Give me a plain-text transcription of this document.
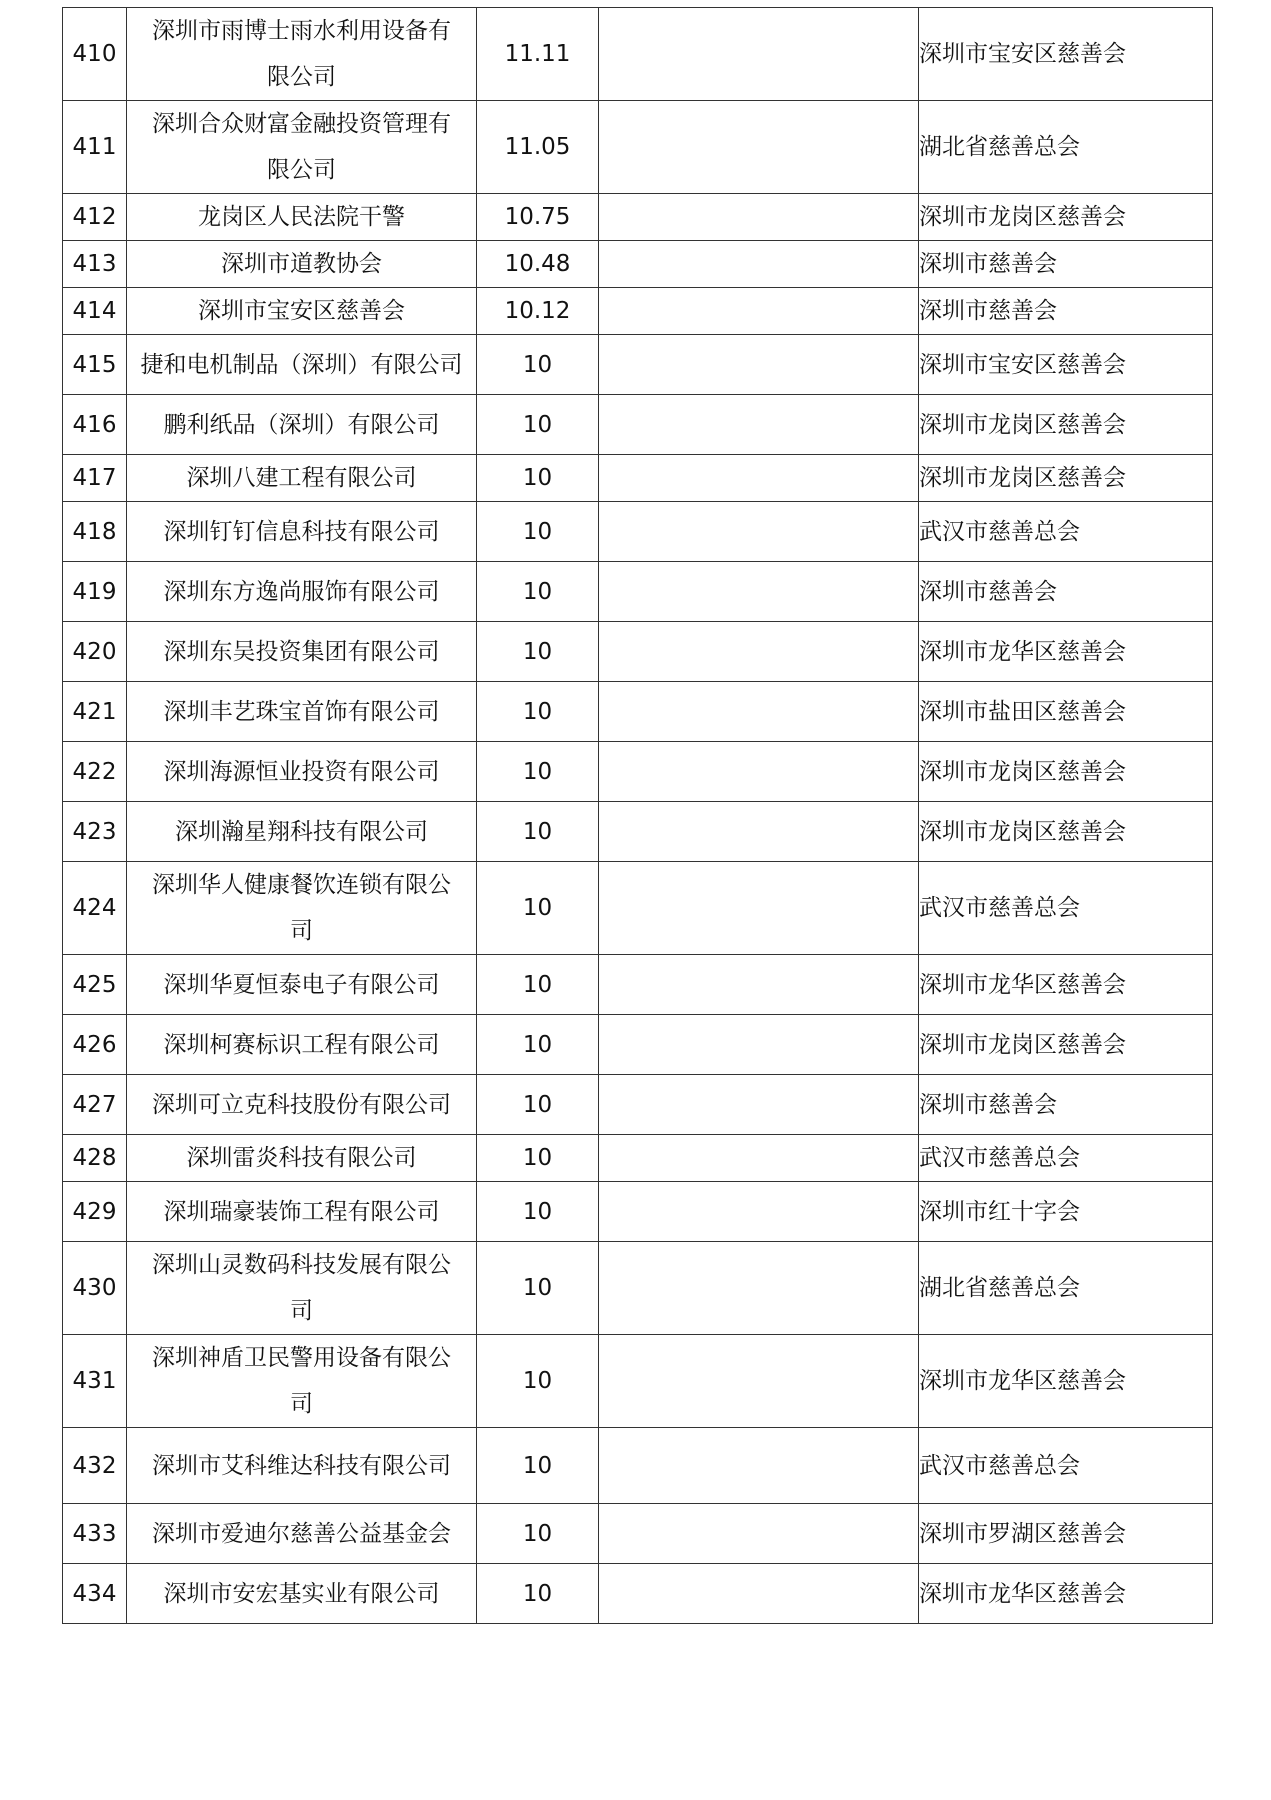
410	深圳市雨博士雨水利用设备有
限公司	11.11		深圳市宝安区慈善会
411	深圳合众财富金融投资管理有
限公司	11.05		湖北省慈善总会
412	龙岗区人民法院干警	10.75		深圳市龙岗区慈善会
413	深圳市道教协会	10.48		深圳市慈善会
414	深圳市宝安区慈善会	10.12		深圳市慈善会
415	捷和电机制品（深圳）有限公司	10		深圳市宝安区慈善会
416	鹏利纸品（深圳）有限公司	10		深圳市龙岗区慈善会
417	深圳八建工程有限公司	10		深圳市龙岗区慈善会
418	深圳钉钉信息科技有限公司	10		武汉市慈善总会
419	深圳东方逸尚服饰有限公司	10		深圳市慈善会
420	深圳东吴投资集团有限公司	10		深圳市龙华区慈善会
421	深圳丰艺珠宝首饰有限公司	10		深圳市盐田区慈善会
422	深圳海源恒业投资有限公司	10		深圳市龙岗区慈善会
423	深圳瀚星翔科技有限公司	10		深圳市龙岗区慈善会
424	深圳华人健康餐饮连锁有限公
司	10		武汉市慈善总会
425	深圳华夏恒泰电子有限公司	10		深圳市龙华区慈善会
426	深圳柯赛标识工程有限公司	10		深圳市龙岗区慈善会
427	深圳可立克科技股份有限公司	10		深圳市慈善会
428	深圳雷炎科技有限公司	10		武汉市慈善总会
429	深圳瑞豪装饰工程有限公司	10		深圳市红十字会
430	深圳山灵数码科技发展有限公
司	10		湖北省慈善总会
431	深圳神盾卫民警用设备有限公
司	10		深圳市龙华区慈善会
432	深圳市艾科维达科技有限公司	10		武汉市慈善总会
433	深圳市爱迪尔慈善公益基金会	10		深圳市罗湖区慈善会
434	深圳市安宏基实业有限公司	10		深圳市龙华区慈善会
